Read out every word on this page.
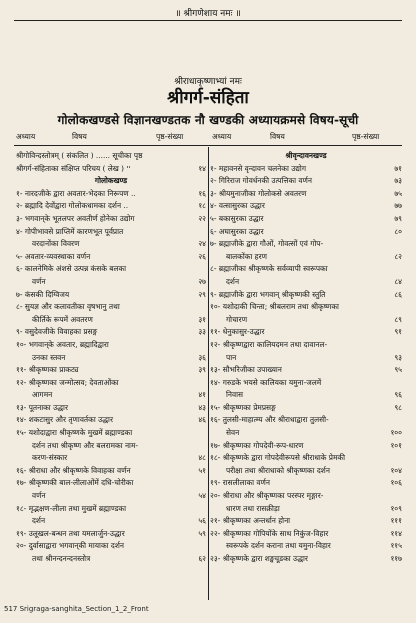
॥ श्रीगणेशाय नमः ॥
श्रीराधाकृष्णाभ्यां नमः
श्रीगर्ग-संहिता
गोलोकखण्डसे विज्ञानखण्डतक नौ खण्डकी अध्यायक्रमसे विषय-सूची
अध्याय	विषय	पृष्ठ-संख्या	अध्याय	विषय	पृष्ठ-संख्या
श्रीगोविन्दस्तोत्रम् ( संकलित ) ...... सूचीका पृष्ठ
श्रीगर्ग-संहिताका संक्षिप्त परिचय ( लेख ) ''	१४
गोलोकखण्ड
१- नारदजीके द्वारा अवतार-भेदका निरूपण ..	१६
२- ब्रह्मादि देवोंद्वारा गोलोकधामका दर्शन ..	१८
३- भगवान्‌के भूतलपर अवतीर्ण होनेका उद्योग	२२
४- गोपीभावसे प्राप्तिमें कारणभूत पूर्वप्रात
वरदानोंका विवरण	२४
५- अवतार-व्यवस्थाका वर्णन	२६
६- कालनेमिके अंशसे उत्पन्न कंसके बलका
वर्णन	२७
७- कंसकी दिग्विजय	२९
८- सुयज्ञ और कलावतीका वृषभानु तथा
कीर्तिके रूपमें अवतरण	३१
९- वसुदेवजीके विवाहका प्रसङ्ग	३३
१०- भगवान्‌के अवतार, ब्रह्मादिद्वारा
उनका स्तवन	३६
११- श्रीकृष्णका प्राकट्य	३९
१२- श्रीकृष्णका जन्मोत्सव; देवताओंका
आगमन	४१
१३- पूतनाका उद्धार	४३
१४- शकटासुर और तृणावर्तका उद्धार	४६
१५- यशोदाद्वारा श्रीकृष्णके मुखमें ब्रह्माण्डका
दर्शन तथा श्रीकृष्ण और बलरामका नाम-
करण-संस्कार	४८
१६- श्रीराधा और श्रीकृष्णके विवाहका वर्णन	५१
१७- श्रीकृष्णकी बाल-लीलाओंमें दधि-चोरीका
वर्णन	५४
१८- मृद्भक्षण-लीला तथा मुखमें ब्रह्माण्डका
दर्शन	५६
१९- उलूखल-बन्धन तथा यमलार्जुन-उद्धार	५९
२०- दुर्वासाद्वारा भगवान्‌की मायाका दर्शन
तथा श्रीनन्दनन्दनस्तोत्र	६२
श्रीवृन्दावनखण्ड
१- महावनसे वृन्दावन चलनेका उद्योग	७१
२- गिरिराज गोवर्धनकी उत्पत्तिका वर्णन	७३
३- श्रीयमुनाजीका गोलोकसे अवतरण	७५
४- वत्सासुरका उद्धार	७७
५- बकासुरका उद्धार	७९
६- अघासुरका उद्धार	८०
७- ब्रह्माजीके द्वारा गौओं, गोवत्सों एवं गोप-
बालकोंका हरण	८२
८- ब्रह्माजीका श्रीकृष्णके सर्वव्यापी स्वरूपका
दर्शन	८४
९- ब्रह्माजीके द्वारा भगवान् श्रीकृष्णकी स्तुति	८६
१०- यशोदाकी चिन्ता; श्रीबलराम तथा श्रीकृष्णका
गोचारण	८९
११- धेनुकासुर-उद्धार	९१
१२- श्रीकृष्णद्वारा कालियदमन तथा दावानल-
पान	९३
१३- सौभरिजीका उपाख्यान	९५
१४- गरुडके भयसे कालियका यमुना-जलमें
निवास	९६
१५- श्रीकृष्णका प्रेमप्रसङ्ग	९८
१६- तुलसी-माहात्म्य और श्रीराधाद्वारा तुलसी-
सेवन	१००
१७- श्रीकृष्णका गोपदेवी-रूप-धारण	१०१
१८- श्रीकृष्णके द्वारा गोपदेवीरूपसे श्रीराधाके प्रेमकी
परीक्षा तथा श्रीराधाको श्रीकृष्णका दर्शन	१०४
१९- रासलीलाका वर्णन	१०६
२०- श्रीराधा और श्रीकृष्णका परस्पर मृङ्गार-
धारण तथा रासक्रीड़ा	१०९
२१- श्रीकृष्णका अन्तर्धान होना	१११
२२- श्रीकृष्णका गोपियोंके साथ निकुंज-विहार	११४
स्वरूपके दर्शन कराना तथा यमुना-विहार	११५
२३- श्रीकृष्णके द्वारा शङ्खचूडका उद्धार	११७
517 Srigraga-sanghita_Section_1_2_Front
